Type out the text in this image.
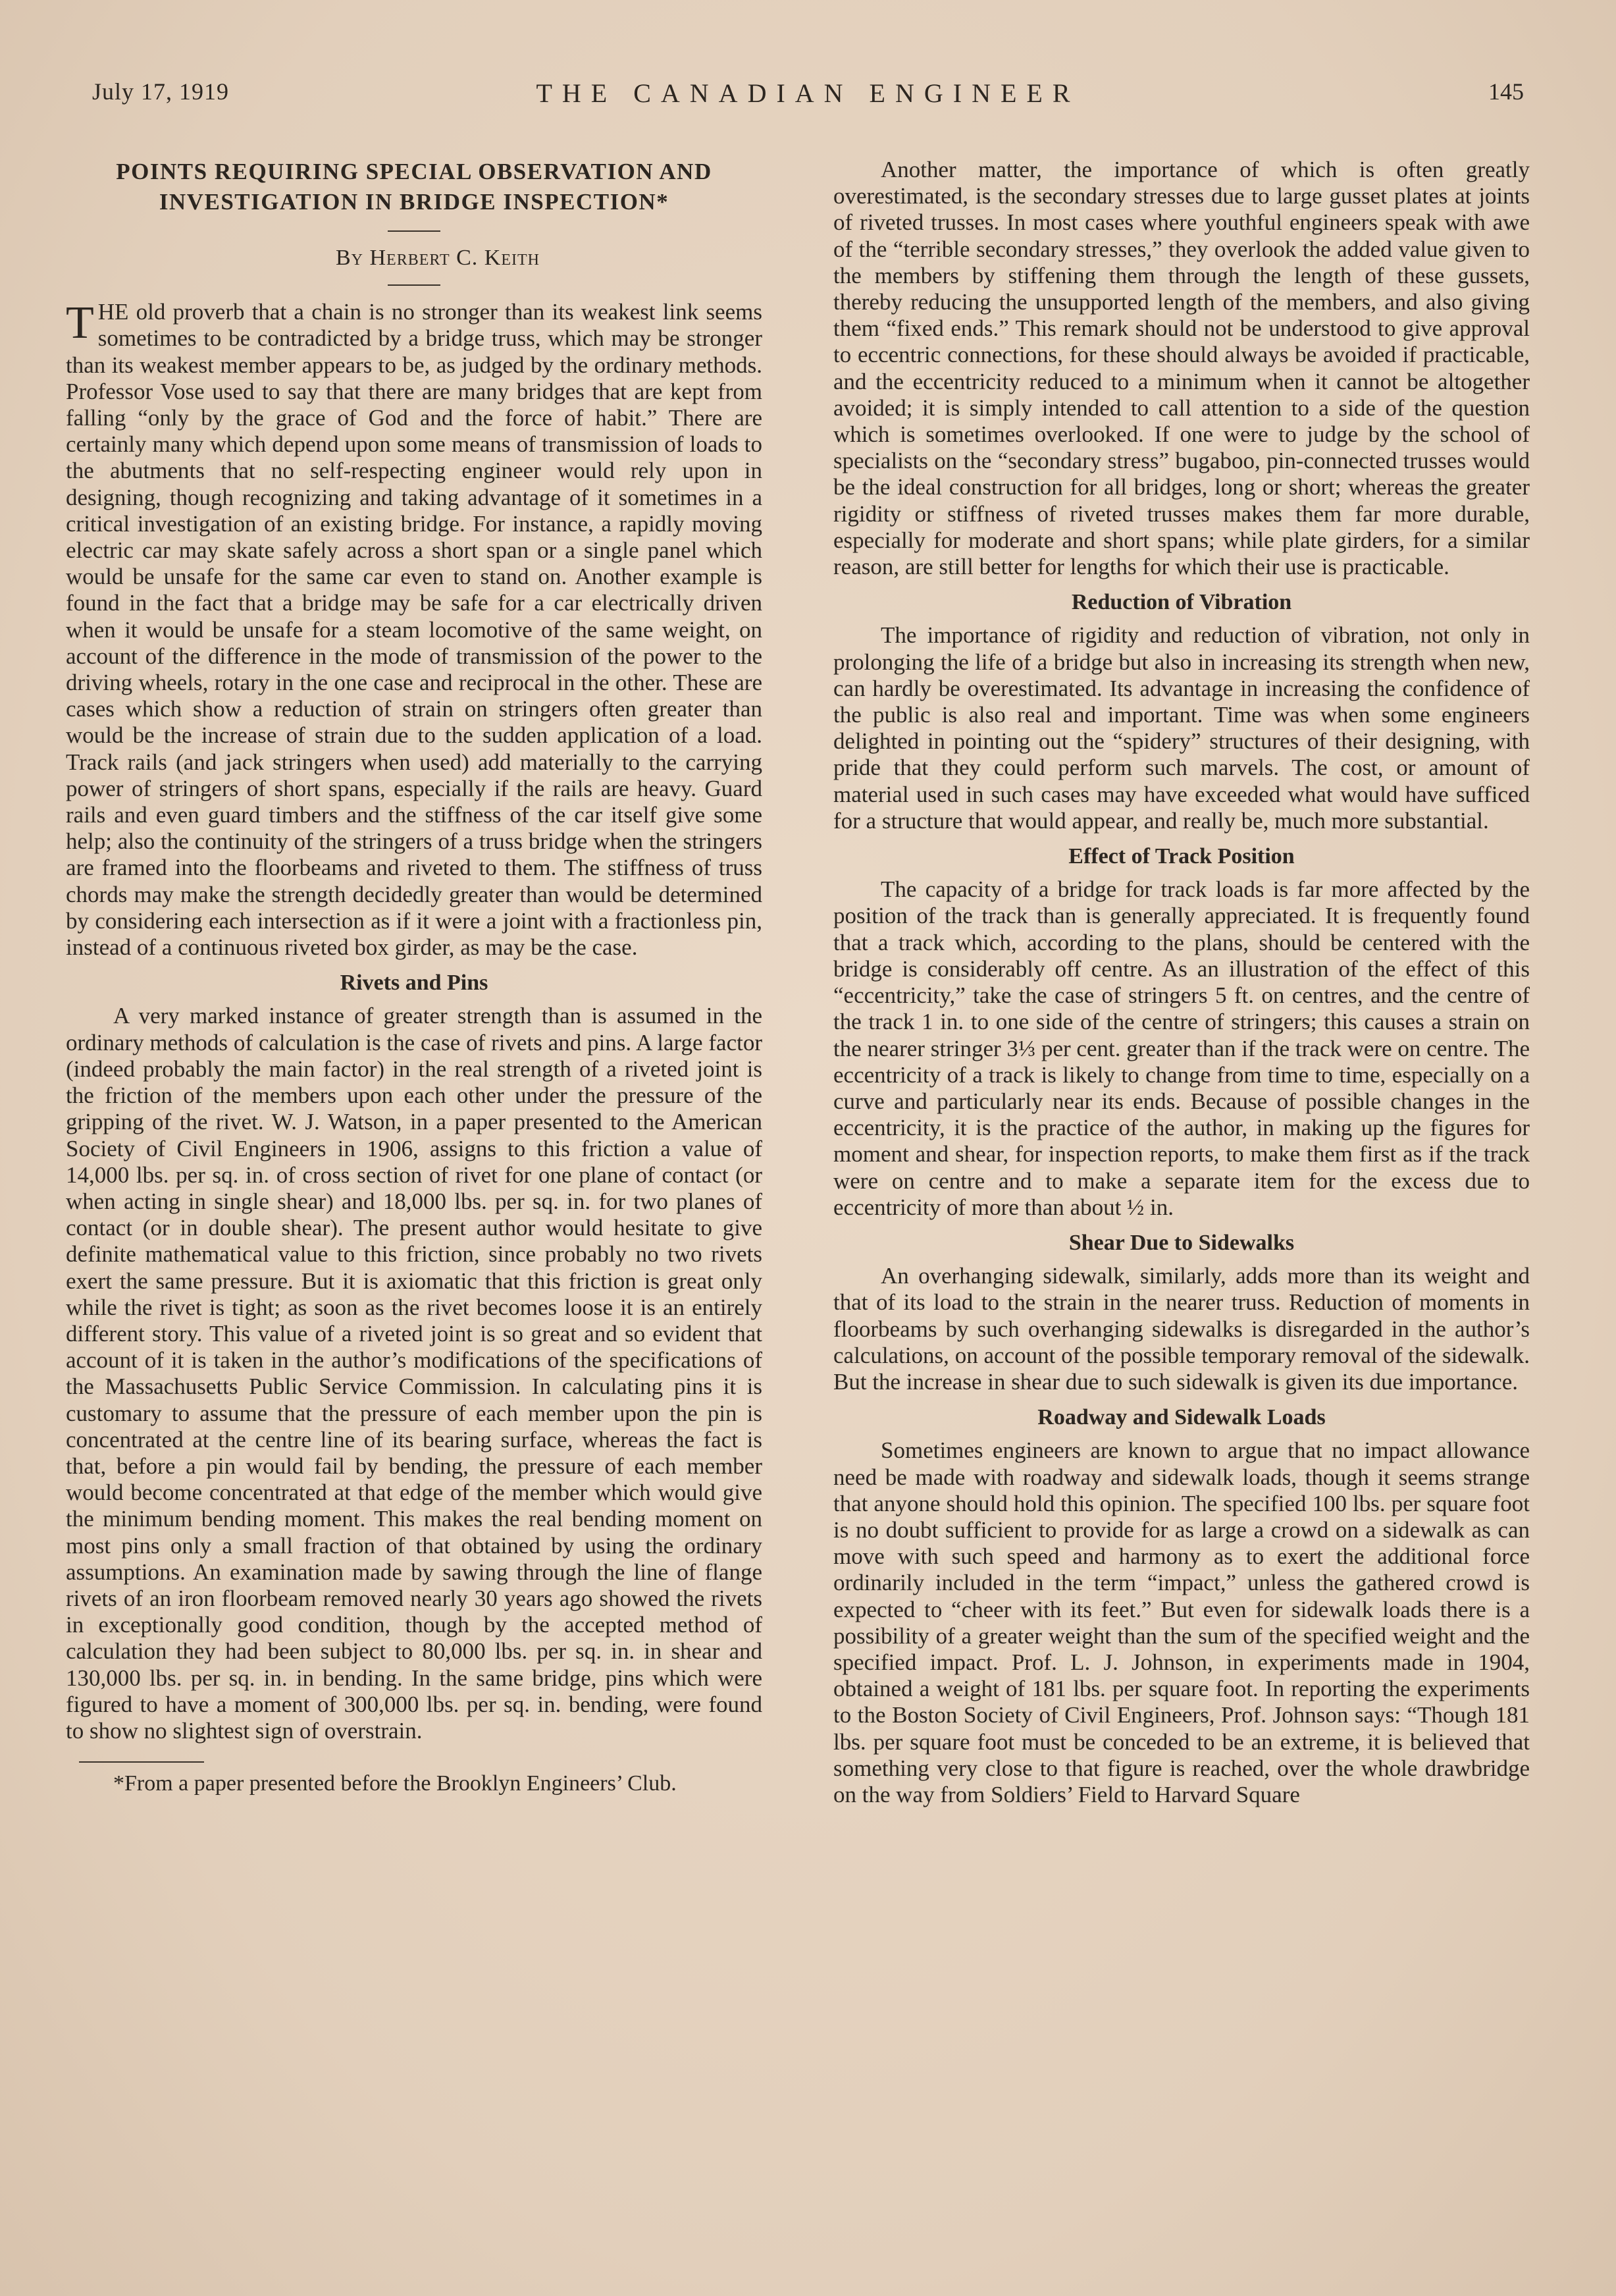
THE CANADIAN ENGINEER
July 17, 1919	145
POINTS REQUIRING SPECIAL OBSERVATION AND INVESTIGATION IN BRIDGE INSPECTION*

By Herbert C. Keith

THE old proverb that a chain is no stronger than its weakest link seems sometimes to be contradicted by a bridge truss, which may be stronger than its weakest member appears to be, as judged by the ordinary methods. Professor Vose used to say that there are many bridges that are kept from falling “only by the grace of God and the force of habit.” There are certainly many which depend upon some means of transmission of loads to the abutments that no self-respecting engineer would rely upon in designing, though recognizing and taking advantage of it sometimes in a critical investigation of an existing bridge. For instance, a rapidly moving electric car may skate safely across a short span or a single panel which would be unsafe for the same car even to stand on. Another example is found in the fact that a bridge may be safe for a car electrically driven when it would be unsafe for a steam locomotive of the same weight, on account of the difference in the mode of transmission of the power to the driving wheels, rotary in the one case and reciprocal in the other. These are cases which show a reduction of strain on stringers often greater than would be the increase of strain due to the sudden application of a load. Track rails (and jack stringers when used) add materially to the carrying power of stringers of short spans, especially if the rails are heavy. Guard rails and even guard timbers and the stiffness of the car itself give some help; also the continuity of the stringers of a truss bridge when the stringers are framed into the floorbeams and riveted to them. The stiffness of truss chords may make the strength decidedly greater than would be determined by considering each intersection as if it were a joint with a fractionless pin, instead of a continuous riveted box girder, as may be the case.

Rivets and Pins

A very marked instance of greater strength than is assumed in the ordinary methods of calculation is the case of rivets and pins. A large factor (indeed probably the main factor) in the real strength of a riveted joint is the friction of the members upon each other under the pressure of the gripping of the rivet. W. J. Watson, in a paper presented to the American Society of Civil Engineers in 1906, assigns to this friction a value of 14,000 lbs. per sq. in. of cross section of rivet for one plane of contact (or when acting in single shear) and 18,000 lbs. per sq. in. for two planes of contact (or in double shear). The present author would hesitate to give definite mathematical value to this friction, since probably no two rivets exert the same pressure. But it is axiomatic that this friction is great only while the rivet is tight; as soon as the rivet becomes loose it is an entirely different story. This value of a riveted joint is so great and so evident that account of it is taken in the author’s modifications of the specifications of the Massachusetts Public Service Commission. In calculating pins it is customary to assume that the pressure of each member upon the pin is concentrated at the centre line of its bearing surface, whereas the fact is that, before a pin would fail by bending, the pressure of each member would become concentrated at that edge of the member which would give the minimum bending moment. This makes the real bending moment on most pins only a small fraction of that obtained by using the ordinary assumptions. An examination made by sawing through the line of flange rivets of an iron floorbeam removed nearly 30 years ago showed the rivets in exceptionally good condition, though by the accepted method of calculation they had been subject to 80,000 lbs. per sq. in. in shear and 130,000 lbs. per sq. in. in bending. In the same bridge, pins which were figured to have a moment of 300,000 lbs. per sq. in. bending, were found to show no slightest sign of overstrain.

*From a paper presented before the Brooklyn Engineers’ Club.

Another matter, the importance of which is often greatly overestimated, is the secondary stresses due to large gusset plates at joints of riveted trusses. In most cases where youthful engineers speak with awe of the “terrible secondary stresses,” they overlook the added value given to the members by stiffening them through the length of these gussets, thereby reducing the unsupported length of the members, and also giving them “fixed ends.” This remark should not be understood to give approval to eccentric connections, for these should always be avoided if practicable, and the eccentricity reduced to a minimum when it cannot be altogether avoided; it is simply intended to call attention to a side of the question which is sometimes overlooked. If one were to judge by the school of specialists on the “secondary stress” bugaboo, pin-connected trusses would be the ideal construction for all bridges, long or short; whereas the greater rigidity or stiffness of riveted trusses makes them far more durable, especially for moderate and short spans; while plate girders, for a similar reason, are still better for lengths for which their use is practicable.

Reduction of Vibration

The importance of rigidity and reduction of vibration, not only in prolonging the life of a bridge but also in increasing its strength when new, can hardly be overestimated. Its advantage in increasing the confidence of the public is also real and important. Time was when some engineers delighted in pointing out the “spidery” structures of their designing, with pride that they could perform such marvels. The cost, or amount of material used in such cases may have exceeded what would have sufficed for a structure that would appear, and really be, much more substantial.

Effect of Track Position

The capacity of a bridge for track loads is far more affected by the position of the track than is generally appreciated. It is frequently found that a track which, according to the plans, should be centered with the bridge is considerably off centre. As an illustration of the effect of this “eccentricity,” take the case of stringers 5 ft. on centres, and the centre of the track 1 in. to one side of the centre of stringers; this causes a strain on the nearer stringer 3⅓ per cent. greater than if the track were on centre. The eccentricity of a track is likely to change from time to time, especially on a curve and particularly near its ends. Because of possible changes in the eccentricity, it is the practice of the author, in making up the figures for moment and shear, for inspection reports, to make them first as if the track were on centre and to make a separate item for the excess due to eccentricity of more than about ½ in.

Shear Due to Sidewalks

An overhanging sidewalk, similarly, adds more than its weight and that of its load to the strain in the nearer truss. Reduction of moments in floorbeams by such overhanging sidewalks is disregarded in the author’s calculations, on account of the possible temporary removal of the sidewalk. But the increase in shear due to such sidewalk is given its due importance.

Roadway and Sidewalk Loads

Sometimes engineers are known to argue that no impact allowance need be made with roadway and sidewalk loads, though it seems strange that anyone should hold this opinion. The specified 100 lbs. per square foot is no doubt sufficient to provide for as large a crowd on a sidewalk as can move with such speed and harmony as to exert the additional force ordinarily included in the term “impact,” unless the gathered crowd is expected to “cheer with its feet.” But even for sidewalk loads there is a possibility of a greater weight than the sum of the specified weight and the specified impact. Prof. L. J. Johnson, in experiments made in 1904, obtained a weight of 181 lbs. per square foot. In reporting the experiments to the Boston Society of Civil Engineers, Prof. Johnson says: “Though 181 lbs. per square foot must be conceded to be an extreme, it is believed that something very close to that figure is reached, over the whole drawbridge on the way from Soldiers’ Field to Harvard Square
